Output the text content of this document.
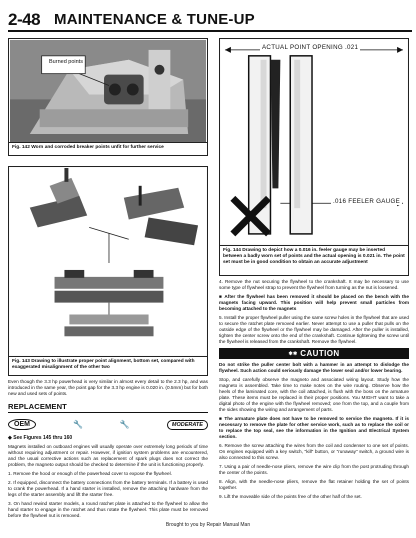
2-48 MAINTENANCE & TUNE-UP
Burned points
Fig. 142 Worn and corroded breaker points unfit for further service
Fig. 143 Drawing to illustrate proper point alignment, bottom set, compared with exaggerated misalignment of the other two

Even though the 3.3 hp powerhead is very similar in almost every detail to the 2.3 hp, and was introduced in the same year, the point gap for the 3.3 hp engine is 0.020 in. (0.5mm) but for both new and used sets of points.

REPLACEMENT
OEM	🔧	🔧	MODERATE
◆ See Figures 145 thru 160

Magnets installed on outboard engines will usually operate over extremely long periods of time without requiring adjustment or repair. However, if ignition system problems are encountered, and the usual corrective actions such as replacement of spark plugs does not correct the problem, the magneto output should be checked to determine if the unit is functioning properly.

1. Remove the hood or enough of the powerhead cover to expose the flywheel.

2. If equipped, disconnect the battery connections from the battery terminals. If a battery is used to crank the powerhead. If a hand starter is installed, remove the attaching hardware from the legs of the starter assembly and lift the starter free.

3. On hand rewind starter models, a round ratchet plate is attached to the flywheel to allow the hand starter to engage in the ratchet and thus rotate the flywheel. This plate must be removed before the flywheel nut is removed.

ACTUAL POINT OPENING .021
.016 FEELER GAUGE
Fig. 144 Drawing to depict how a 0.016 in. feeler gauge may be inserted between a badly worn set of points and the actual opening is 0.021 in. The point set must be in good condition to obtain an accurate adjustment

4. Remove the nut securing the flywheel to the crankshaft. It may be necessary to use some type of flywheel strap to prevent the flywheel from turning as the nut is loosened.

■ After the flywheel has been removed it should be placed on the bench with the magnets facing upward. This position will help prevent small particles from becoming attached to the magnets

5. Install the proper flywheel puller using the same screw holes in the flywheel that are used to secure the ratchet plate removed earlier. Never attempt to use a puller that pulls on the outside edge of the flywheel or the flywheel may be damaged. After the puller is installed, tighten the center screw onto the end of the crankshaft. Continue tightening the screw until the flywheel is released from the crankshaft. Remove the flywheel.

✱✱ CAUTION

Do not strike the puller center bolt with a hammer in an attempt to dislodge the flywheel. Such action could seriously damage the lower seal and/or lower bearing.

Stop, and carefully observe the magneto and associated wiring layout. Study how the magneto is assembled. Take time to make notes on the wire routing. Observe how the heels of the laminated core, with the coil attached, is flush with the boss on the armature plate. These items must be replaced in their proper positions. You MIGHT want to take a digital photo of the engine with the flywheel removed; one from the top, and a couple from the sides showing the wiring and arrangement of parts.

■ The armature plate does not have to be removed to service the magneto. If it is necessary to remove the plate for other service work, such as to replace the coil or to replace the top seal, see the information in the Ignition and Electrical System section.

6. Remove the screw attaching the wires from the coil and condenser to one set of points. On engines equipped with a key switch, "kill" button, or "runaway" switch, a ground wire is also connected to this screw.

7. Using a pair of needle-nose pliers, remove the wire clip from the post protruding through the center of the points.

8. Align, with the needle-nose pliers, remove the flat retainer holding the set of points together.

9. Lift the moveable side of the points free of the other half of the set.

Brought to you by Repair Manual Man
